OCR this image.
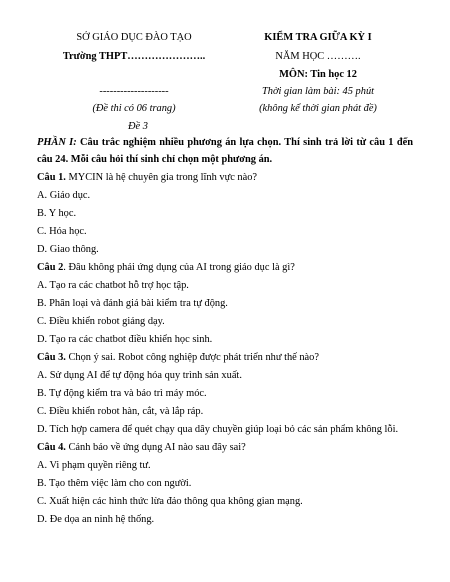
SỞ GIÁO DỤC ĐÀO TẠO
Trường THPT…………………..
--------------------
(Đề thi có 06 trang)
Đề 3
KIỂM TRA GIỮA KỲ I
NĂM HỌC ……….
MÔN: Tin học 12
Thời gian làm bài: 45 phút
(không kể thời gian phát đề)
PHẦN I: Câu trắc nghiệm nhiều phương án lựa chọn. Thí sinh trả lời từ câu 1 đến câu 24. Mỗi câu hỏi thí sinh chỉ chọn một phương án.
Câu 1. MYCIN là hệ chuyên gia trong lĩnh vực nào?
A. Giáo dục.
B. Y học.
C. Hóa học.
D. Giao thông.
Câu 2. Đâu không phải ứng dụng của AI trong giáo dục là gì?
A. Tạo ra các chatbot hỗ trợ học tập.
B. Phân loại và đánh giá bài kiểm tra tự động.
C. Điều khiển robot giảng dạy.
D. Tạo ra các chatbot điều khiển học sinh.
Câu 3. Chọn ý sai. Robot công nghiệp được phát triển như thế nào?
A. Sử dụng AI để tự động hóa quy trình sản xuất.
B. Tự động kiểm tra và bảo trì máy móc.
C. Điều khiển robot hàn, cắt, và lắp ráp.
D. Tích hợp camera để quét chạy qua dây chuyền giúp loại bỏ các sản phẩm không lỗi.
Câu 4. Cảnh báo về ứng dụng AI nào sau đây sai?
A. Vi phạm quyền riêng tư.
B. Tạo thêm việc làm cho con người.
C. Xuất hiện các hình thức lừa đảo thông qua không gian mạng.
D. Đe dọa an ninh hệ thống.
